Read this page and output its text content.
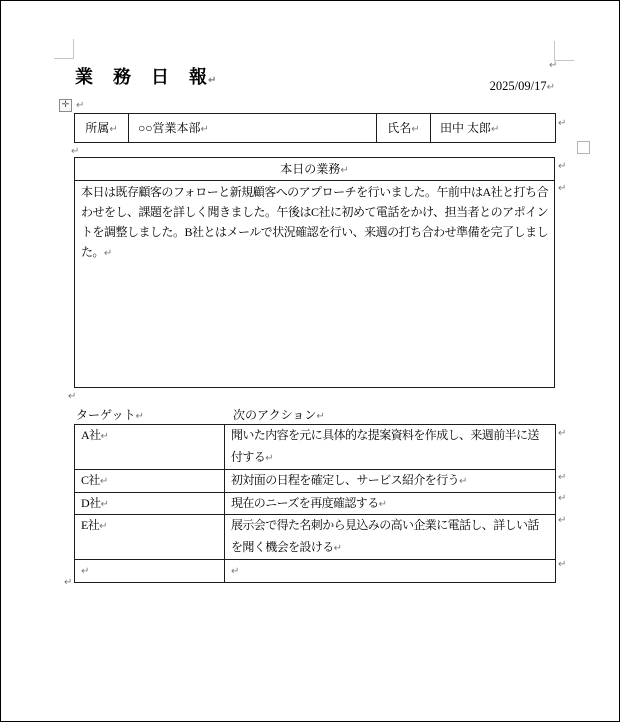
業　務　日　報↵
↵
2025/09/17↵
✛ ↵
所属↵	○○営業本部↵	氏名↵	田中 太郎↵
↵
↵
本日の業務↵
本日は既存顧客のフォローと新規顧客へのアプローチを行いました。午前中はA社と打ち合わせをし、課題を詳しく聞きました。午後はC社に初めて電話をかけ、担当者とのアポイントを調整しました。B社とはメールで状況確認を行い、来週の打ち合わせ準備を完了しました。↵
↵
↵
↵
ターゲット↵	次のアクション↵
A社↵	聞いた内容を元に具体的な提案資料を作成し、来週前半に送付する↵
C社↵	初対面の日程を確定し、サービス紹介を行う↵
D社↵	現在のニーズを再度確認する↵
E社↵	展示会で得た名刺から見込みの高い企業に電話し、詳しい話を聞く機会を設ける↵
↵	↵
↵
↵
↵
↵
↵
↵
